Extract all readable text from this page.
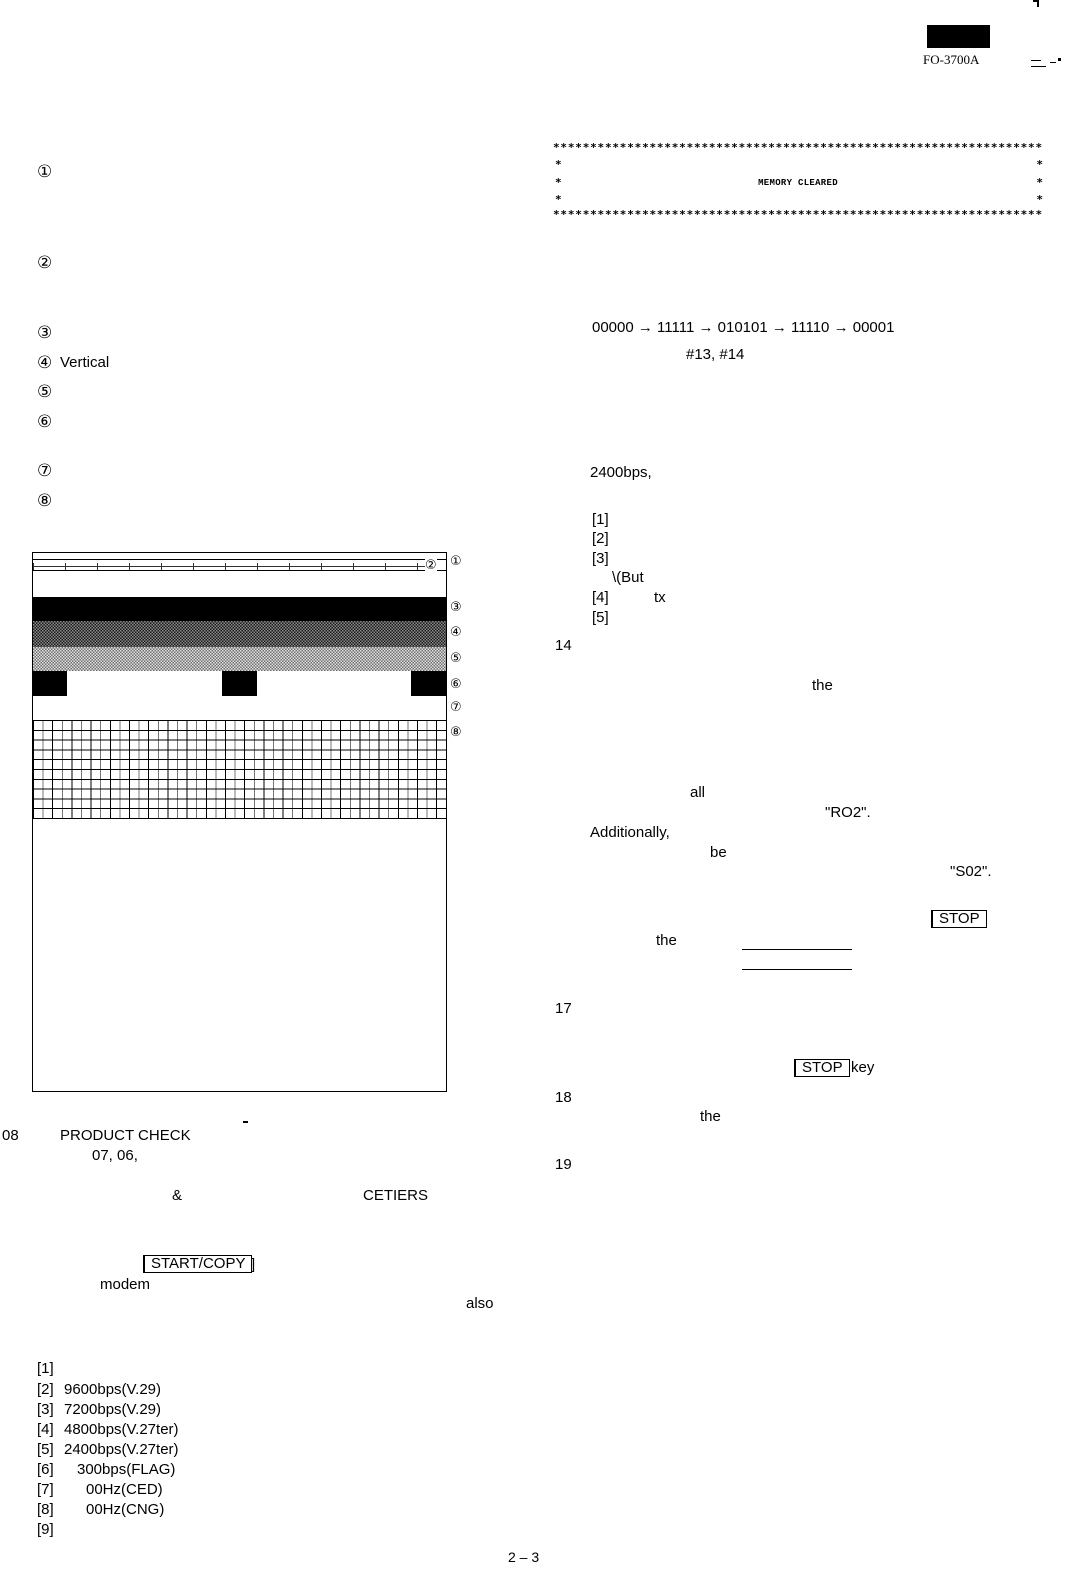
FO-3700A
①
②
③
④ Vertical
⑤
⑥
⑦
⑧
② ①
③
④
⑤
⑥
⑦
⑧
08	PRODUCT CHECK
07, 06,
&	CETIERS
START/COPY ]
modem
also
[1]
[2] 9600bps(V.29)
[3] 7200bps(V.29)
[4] 4800bps(V.27ter)
[5] 2400bps(V.27ter)
[6] 300bps(FLAG)
[7] 00Hz(CED)
[8] 00Hz(CNG)
[9]
******************************************************************
*	*
*	MEMORY CLEARED	*
*	*
******************************************************************
00000 → 11111 → 010101 → 11110 → 00001
#13, #14
2400bps,
[1]
[2]
[3]
\(But
[4]	tx
[5]
14
the
all
"RO2".
Additionally,
be
"S02".
STOP
the
17
STOP key
18
the
19
2 – 3
